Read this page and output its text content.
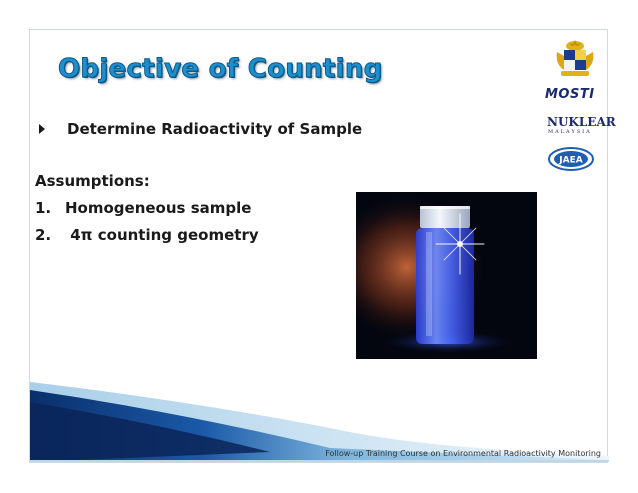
Objective of Counting
Determine Radioactivity of Sample
Assumptions:
1. Homogeneous sample
2. 4π counting geometry
MOSTI
NUKLEAR
MALAYSIA
JAEA
Follow-up Training Course on Environmental Radioactivity Monitoring
